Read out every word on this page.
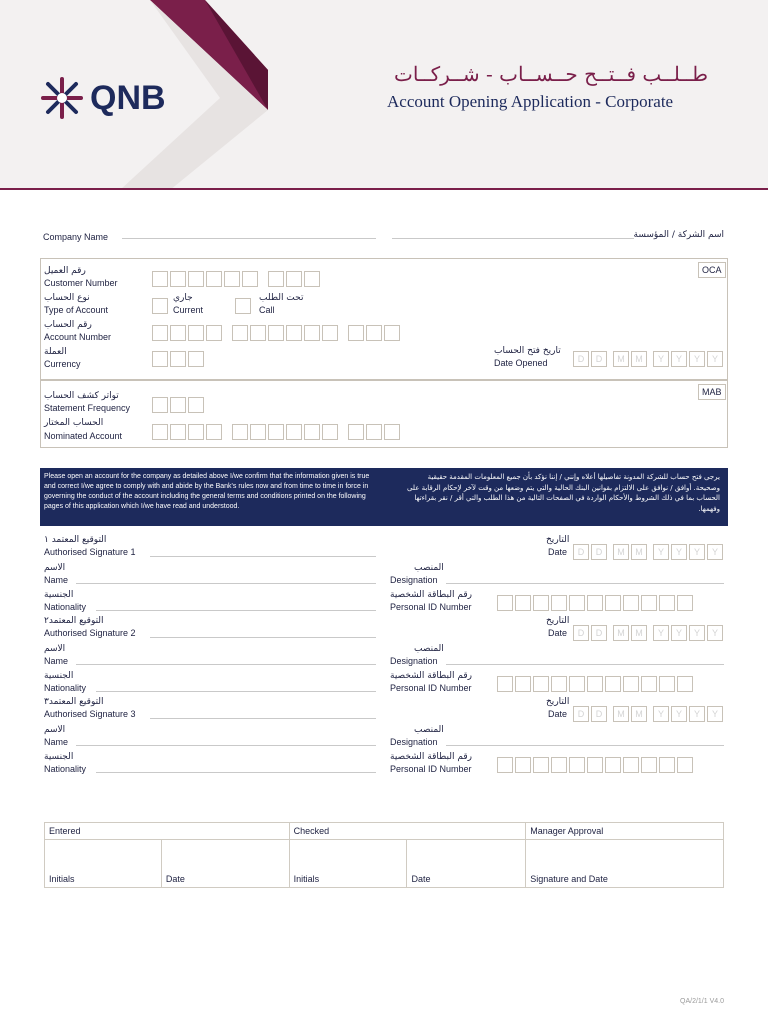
QNB
طــلــب فــتــح حــســاب - شــركــات
Account Opening Application - Corporate
Company Name	اسم الشركة / المؤسسة
OCA
رقم العميل
Customer Number
نوع الحساب
Type of Account
جاري
Current
تحت الطلب
Call
رقم الحساب
Account Number
العملة
Currency
تاريخ فتح الحساب
Date Opened	D	D	M	M	Y	Y	Y	Y
MAB
تواتر كشف الحساب
Statement Frequency
الحساب المختار
Nominated Account
Please open an account for the company as detailed above I/we confirm that the information given is true and correct I/we agree to comply with and abide by the Bank's rules now and from time to time in force in governing the conduct of the account including the general terms and conditions printed on the following pages of this application which I/we have read and understood.
يرجى فتح حساب للشركة المدونة تفاصيلها أعلاه وإنني / إننا نؤكد بأن جميع المعلومات المقدمة حقيقية وصحيحة. أوافق / نوافق على الالتزام بقوانين البنك الحالية والتي يتم وضعها من وقت لآخر لإحكام الرقابة على الحساب بما في ذلك الشروط والأحكام الواردة في الصفحات التالية من هذا الطلب والتي أقر / نقر بقراءتها وفهمها.
التوقيع المعتمد ١
Authorised Signature 1
التاريخ
Date	D	D	M	M	Y	Y	Y	Y
الاسم
Name
المنصب
Designation
الجنسية
Nationality
رقم البطاقة الشخصية
Personal ID Number
التوقيع المعتمد٢
Authorised Signature 2
التاريخ
Date	D	D	M	M	Y	Y	Y	Y
الاسم
Name
المنصب
Designation
الجنسية
Nationality
رقم البطاقة الشخصية
Personal ID Number
التوقيع المعتمد٣
Authorised Signature 3
التاريخ
Date	D	D	M	M	Y	Y	Y	Y
الاسم
Name
المنصب
Designation
الجنسية
Nationality
رقم البطاقة الشخصية
Personal ID Number
Entered		Checked		Manager Approval
Initials	Date	Initials	Date	Signature and Date
QA/2/1/1 V4.0
